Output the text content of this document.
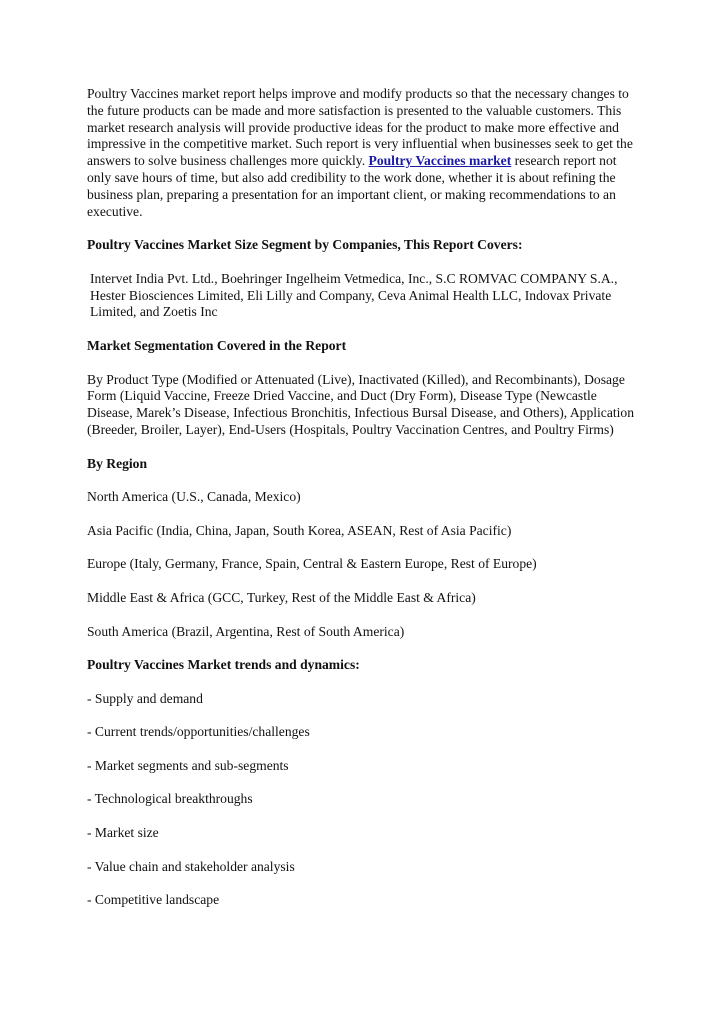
Poultry Vaccines market report helps improve and modify products so that the necessary changes to the future products can be made and more satisfaction is presented to the valuable customers. This market research analysis will provide productive ideas for the product to make more effective and impressive in the competitive market. Such report is very influential when businesses seek to get the answers to solve business challenges more quickly. Poultry Vaccines market research report not only save hours of time, but also add credibility to the work done, whether it is about refining the business plan, preparing a presentation for an important client, or making recommendations to an executive.

Poultry Vaccines Market Size Segment by Companies, This Report Covers:

Intervet India Pvt. Ltd., Boehringer Ingelheim Vetmedica, Inc., S.C ROMVAC COMPANY S.A., Hester Biosciences Limited, Eli Lilly and Company, Ceva Animal Health LLC, Indovax Private Limited, and Zoetis Inc

Market Segmentation Covered in the Report

By Product Type (Modified or Attenuated (Live), Inactivated (Killed), and Recombinants), Dosage Form (Liquid Vaccine, Freeze Dried Vaccine, and Duct (Dry Form), Disease Type (Newcastle Disease, Marek’s Disease, Infectious Bronchitis, Infectious Bursal Disease, and Others), Application (Breeder, Broiler, Layer), End-Users (Hospitals, Poultry Vaccination Centres, and Poultry Firms)

By Region

North America (U.S., Canada, Mexico)

Asia Pacific (India, China, Japan, South Korea, ASEAN, Rest of Asia Pacific)

Europe (Italy, Germany, France, Spain, Central & Eastern Europe, Rest of Europe)

Middle East & Africa (GCC, Turkey, Rest of the Middle East & Africa)

South America (Brazil, Argentina, Rest of South America)

Poultry Vaccines Market trends and dynamics:

- Supply and demand

- Current trends/opportunities/challenges

- Market segments and sub-segments

- Technological breakthroughs

- Market size

- Value chain and stakeholder analysis

- Competitive landscape
